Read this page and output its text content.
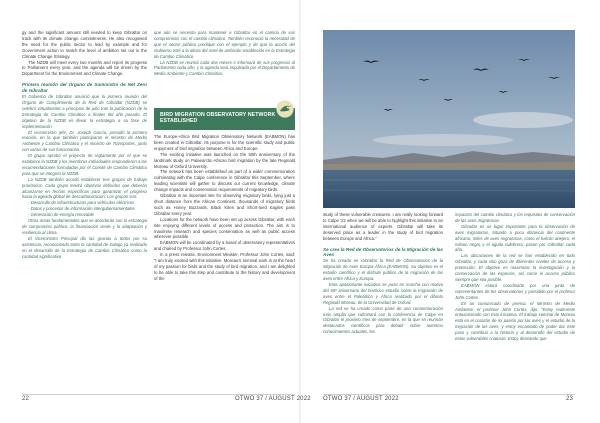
gy and the significant amount still needed to keep Gibraltar on track with its climate change commitments. He also recognised the need for the public sector to lead by example and for Government action to match the level of ambition set out in the Climate Change Strategy.

The NZDB will meet every two months and report its progress to Parliament every year, and the agenda will be driven by the Department for the Environment and Climate Change.

Primera reunión del Órgano de Suministro de Net Zero de Gibraltar

El Gobierno de Gibraltar anunció que la primera reunión del Órgano de Cumplimiento de la Red de Gibraltar (NZDB) se celebró virtualmente a principios de julio tras la publicación de la Estrategia de Cambio Climático a finales del año pasado. El objetivo de la NZDB es llevar la estrategia a su fase de implementación.

El viceministro jefe, Dr. Joseph García, presidió la primera reunión, en la que también participaron el ministro de Medio Ambiente y Cambio Climático y el ministro de Transportes, junto con varios de sus funcionarios.

El grupo aprobó el proyecto de reglamento por el que se establece la NZDB y los miembros individuales respondieron a las recomendaciones formuladas por el Comité de Cambio Climático para que se integren la NZDB.

La NZDB también acordó establecer tres grupos de trabajo prioritarios. Cada grupo tendrá objetivos definidos que deberán alcanzarse en fechas específicas para garantizar el progreso hacia la agenda global de descarbonización. Los grupos son:

- Desarrollo de infraestructuras para vehículos eléctricos

- Datos y procesos de información intergubernamentales

- Generación de energía renovable

Otras áreas fundamentales que se abordarán son la estrategia de compromiso público, la financiación verde y la adaptación y resiliencia al clima.

El Viceministro Principal dio las gracias a todos por su asistencia, reconociendo tanto la cantidad de trabajo ya realizado en el desarrollo de la Estrategia de Cambio Climático como la cantidad significativa

que aún se necesita para mantener a Gibraltar en el camino de sus compromisos con el cambio climático. También reconoció la necesidad de que el sector público predique con el ejemplo y de que la acción del Gobierno esté a la altura del nivel de ambición establecido en la Estrategia de Cambio Climático.

La NZDB se reunirá cada dos meses e informará de sus progresos al Parlamento cada año, y la agenda será impulsada por el Departamento de Medio Ambiente y Cambio Climático.

BIRD MIGRATION OBSERVATORY NETWORK ESTABLISHED

The Europe-Africa Bird Migration Observatory Network (EABMON) has been created in Gibraltar. Its purpose is for the scientific study and public enjoyment of bird migration between Africa and Europe.

The exciting initiative was launched on the 50th anniversary of the landmark study on Palaearctic-African bird migration by the late Reginald Moreau of Oxford University.

The network has been established as part of a wider commemoration culminating with the Calpe conference in Gibraltar this September, where leading scientists will gather to discuss our current knowledge, climate change impacts and conservation requirements of migratory birds.

Gibraltar is an important site for observing migratory birds, lying just a short distance from the African Continent, thousands of migratory birds such as Honey Buzzards, Black Kites and Short-toed Eagles pass Gibraltar every year.

Locations for the network have been set up across Gibraltar, with each site enjoying different levels of access and protection. The aim is to maximise research and species conservation as well as public access wherever possible.

EABMON will be coordinated by a board of observatory representatives and chaired by Professor John Cortes.

In a press release, Environment Minister, Professor John Cortes, said: “I am truly excited with this initiative. Moreau’s seminal work is at the heart of my passion for birds and the study of bird migration, and I am delighted to be able to take this step and contribute to the history and development of the

study of these vulnerable creatures. I am really looking forward to Calpe ’22 when we will be able to highlight this initiative to an international audience of experts. Gibraltar will take its deserved place as a leader in the study of bird migration between Europe and Africa.”

Se crea la Red de Observatorios de la Migración de las Aves

Se ha creado en Gibraltar la Red de Observatorios de la Migración de Aves Europa-África (EABMON). Su objetivo es el estudio científico y el disfrute público de la migración de las aves entre África y Europa.

Esta apasionante iniciativa se puso en marcha con motivo del 50º aniversario del histórico estudio sobre la migración de aves entre el Paleártico y África realizado por el difunto Reginald Moreau, de la Universidad de Oxford.

La red se ha creado como parte de una conmemoración más amplia que culminará con la conferencia de Calpe en Gibraltar el próximo mes de septiembre, en la que se reunirán destacados científicos para debatir sobre nuestros conocimientos actuales, los

impactos del cambio climático y los requisitos de conservación de las aves migratorias.

Gibraltar es un lugar importante para la observación de aves migratorias. Situado a poca distancia del continente africano, miles de aves migratorias, como el halcón abejero, el milano negro y el águila culebrera, pasan por Gibraltar cada año.

Las ubicaciones de la red se han establecido en todo Gibraltar, y cada sitio goza de diferentes niveles de acceso y protección. El objetivo es maximizar la investigación y la conservación de las especies, así como el acceso público siempre que sea posible.

EABMON estará coordinado por una junta de representantes de los observatorios y presidido por el profesor John Cortes.

En un comunicado de prensa, el Ministro de Medio Ambiente, el profesor John Cortes, dijo: “Estoy realmente entusiasmado con esta iniciativa. El trabajo seminal de Moreau está en el corazón de mi pasión por las aves y el estudio de la migración de las aves, y estoy encantado de poder dar este paso y contribuir a la historia y al desarrollo del estudio de estas vulnerables criaturas. Estoy deseando que

22	OTWO 37 / AUGUST 2022 OTWO 37 / AUGUST 2022	23
